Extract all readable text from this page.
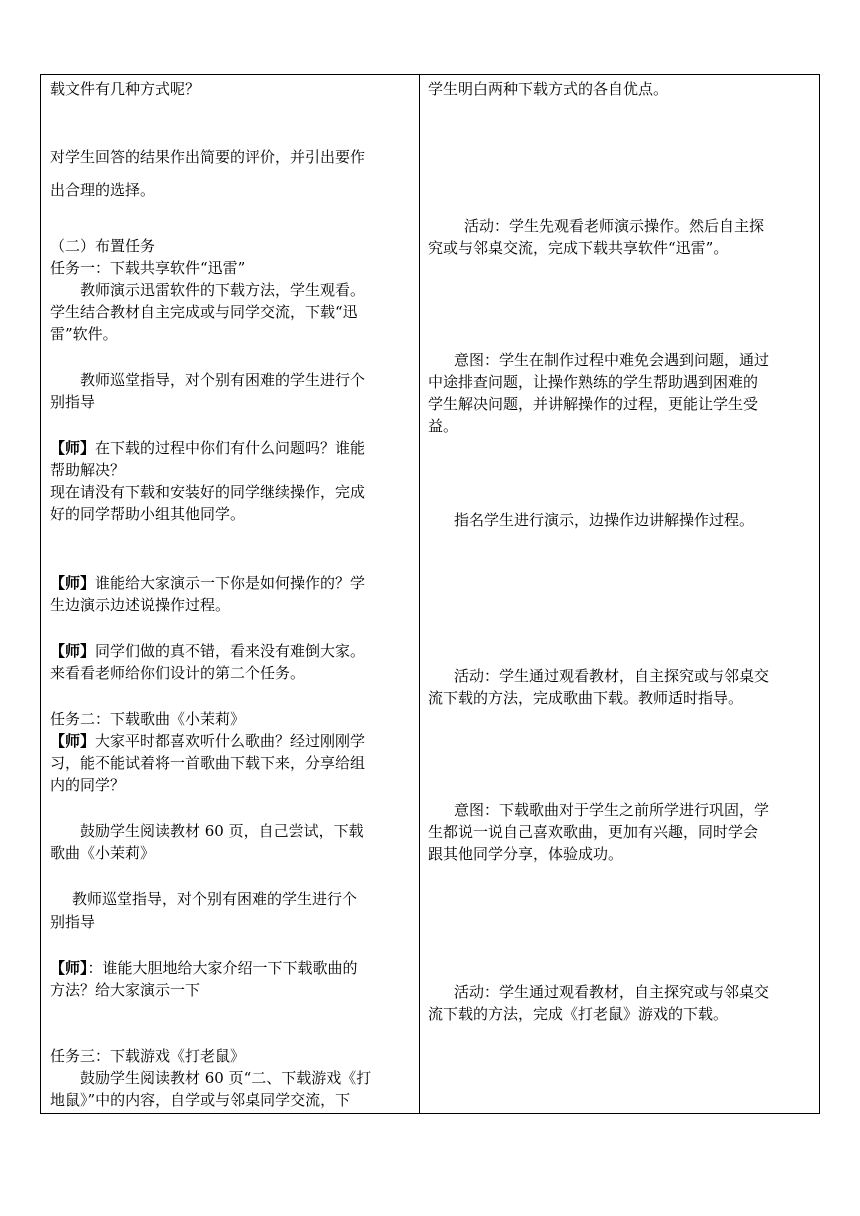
载文件有几种方式呢？

对学生回答的结果作出简要的评价，并引出要作

出合理的选择。

（二）布置任务

任务一：下载共享软件“迅雷”

教师演示迅雷软件的下载方法，学生观看。

学生结合教材自主完成或与同学交流，下载“迅

雷”软件。

教师巡堂指导，对个别有困难的学生进行个

别指导

【师】在下载的过程中你们有什么问题吗？谁能

帮助解决？

现在请没有下载和安装好的同学继续操作，完成

好的同学帮助小组其他同学。

【师】谁能给大家演示一下你是如何操作的？学

生边演示边述说操作过程。

【师】同学们做的真不错，看来没有难倒大家。

来看看老师给你们设计的第二个任务。

任务二：下载歌曲《小茉莉》

【师】大家平时都喜欢听什么歌曲？经过刚刚学

习，能不能试着将一首歌曲下载下来，分享给组

内的同学？

鼓励学生阅读教材 60 页，自己尝试，下载

歌曲《小茉莉》

教师巡堂指导，对个别有困难的学生进行个

别指导

【师】：谁能大胆地给大家介绍一下下载歌曲的

方法？给大家演示一下

任务三：下载游戏《打老鼠》

鼓励学生阅读教材 60 页“二、下载游戏《打

地鼠》”中的内容，自学或与邻桌同学交流，下

学生明白两种下载方式的各自优点。

活动：学生先观看老师演示操作。然后自主探

究或与邻桌交流，完成下载共享软件“迅雷”。

意图：学生在制作过程中难免会遇到问题，通过

中途排查问题，让操作熟练的学生帮助遇到困难的

学生解决问题，并讲解操作的过程，更能让学生受

益。

指名学生进行演示，边操作边讲解操作过程。

活动：学生通过观看教材，自主探究或与邻桌交

流下载的方法，完成歌曲下载。教师适时指导。

意图：下载歌曲对于学生之前所学进行巩固，学

生都说一说自己喜欢歌曲，更加有兴趣，同时学会

跟其他同学分享，体验成功。

活动：学生通过观看教材，自主探究或与邻桌交

流下载的方法，完成《打老鼠》游戏的下载。
